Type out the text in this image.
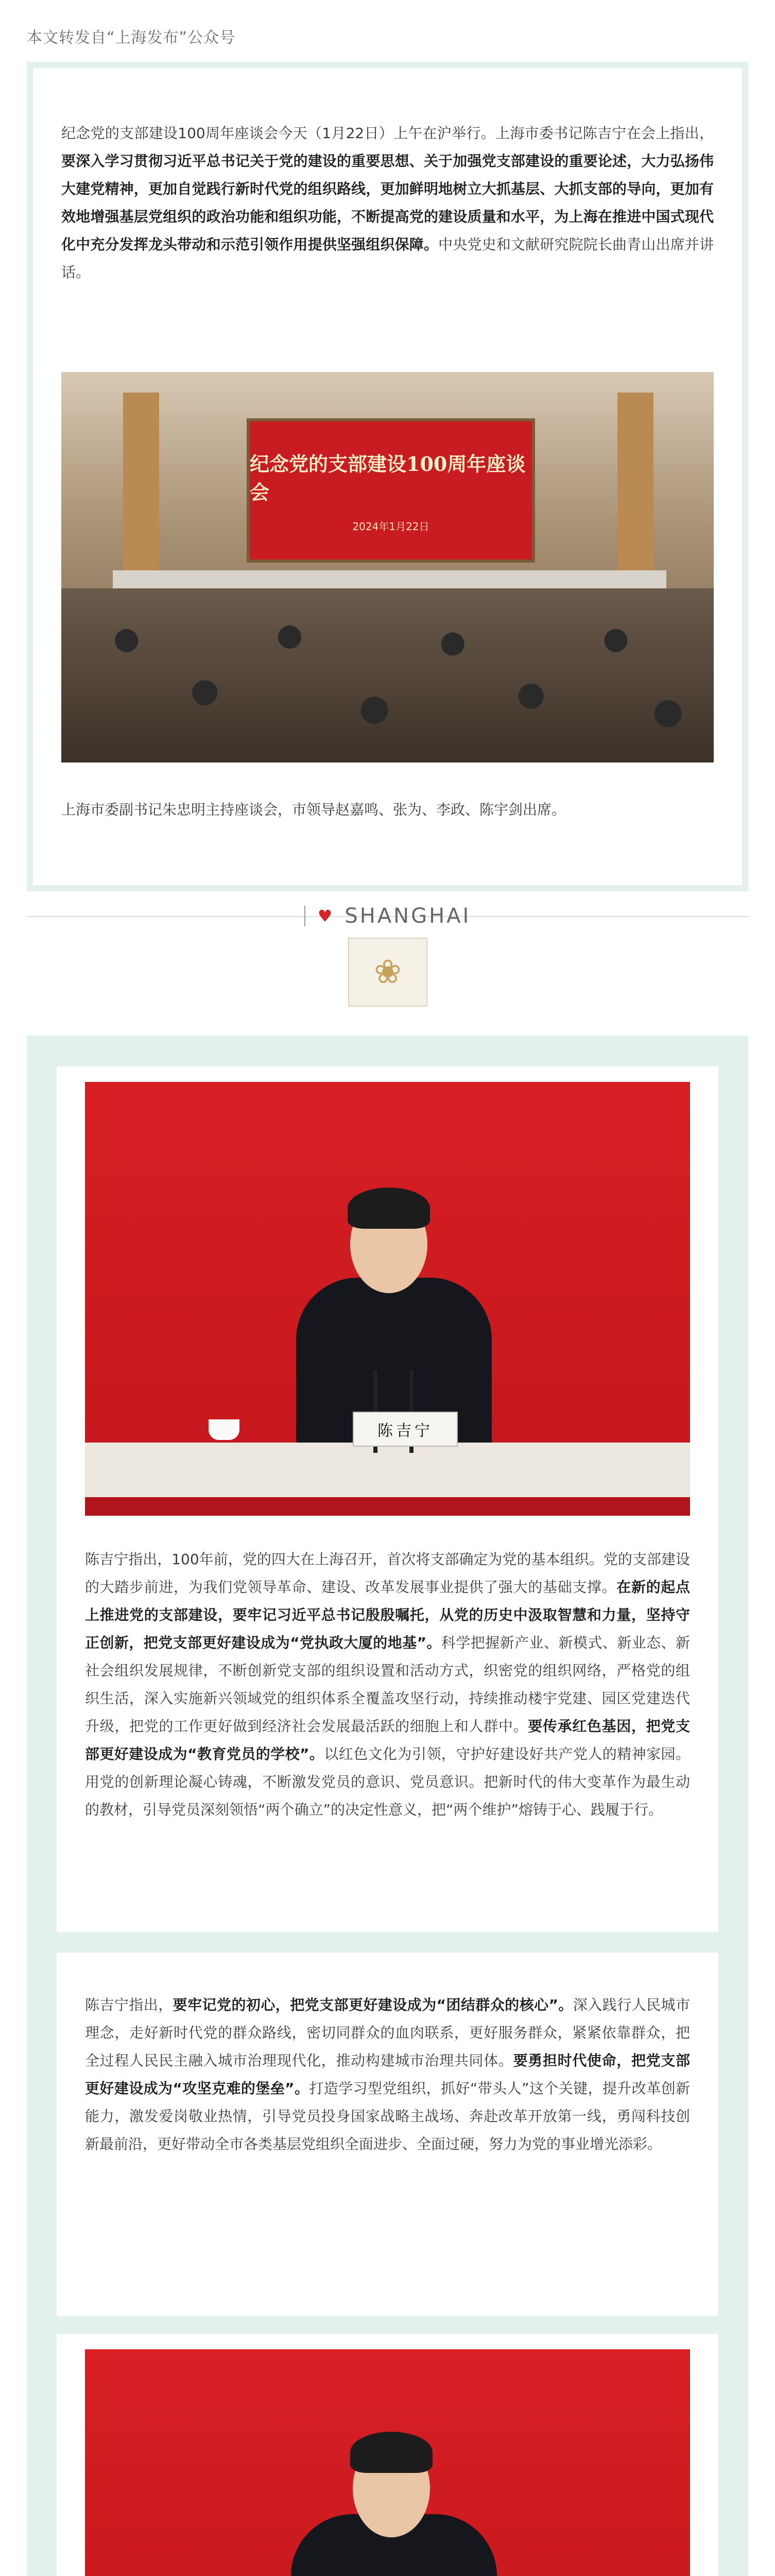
本文转发自“上海发布”公众号

纪念党的支部建设100周年座谈会今天（1月22日）上午在沪举行。上海市委书记陈吉宁在会上指出，要深入学习贯彻习近平总书记关于党的建设的重要思想、关于加强党支部建设的重要论述，大力弘扬伟大建党精神，更加自觉践行新时代党的组织路线，更加鲜明地树立大抓基层、大抓支部的导向，更加有效地增强基层党组织的政治功能和组织功能，不断提高党的建设质量和水平，为上海在推进中国式现代化中充分发挥龙头带动和示范引领作用提供坚强组织保障。中央党史和文献研究院院长曲青山出席并讲话。

纪念党的支部建设100周年座谈会
2024年1月22日

上海市委副书记朱忠明主持座谈会，市领导赵嘉鸣、张为、李政、陈宇剑出席。

♥ SHANGHAI
❀
陈吉宁

陈吉宁指出，100年前，党的四大在上海召开，首次将支部确定为党的基本组织。党的支部建设的大踏步前进，为我们党领导革命、建设、改革发展事业提供了强大的基础支撑。在新的起点上推进党的支部建设，要牢记习近平总书记殷殷嘱托，从党的历史中汲取智慧和力量，坚持守正创新，把党支部更好建设成为“党执政大厦的地基”。科学把握新产业、新模式、新业态、新社会组织发展规律，不断创新党支部的组织设置和活动方式，织密党的组织网络，严格党的组织生活，深入实施新兴领域党的组织体系全覆盖攻坚行动，持续推动楼宇党建、园区党建迭代升级，把党的工作更好做到经济社会发展最活跃的细胞上和人群中。要传承红色基因，把党支部更好建设成为“教育党员的学校”。以红色文化为引领，守护好建设好共产党人的精神家园。用党的创新理论凝心铸魂，不断激发党员的意识、党员意识。把新时代的伟大变革作为最生动的教材，引导党员深刻领悟“两个确立”的决定性意义，把“两个维护”熔铸于心、践履于行。

陈吉宁指出，要牢记党的初心，把党支部更好建设成为“团结群众的核心”。深入践行人民城市理念，走好新时代党的群众路线，密切同群众的血肉联系，更好服务群众，紧紧依靠群众，把全过程人民民主融入城市治理现代化，推动构建城市治理共同体。要勇担时代使命，把党支部更好建设成为“攻坚克难的堡垒”。打造学习型党组织，抓好“带头人”这个关键，提升改革创新能力，激发爱岗敬业热情，引导党员投身国家战略主战场、奔赴改革开放第一线，勇闯科技创新最前沿，更好带动全市各类基层党组织全面进步、全面过硬，努力为党的事业增光添彩。
